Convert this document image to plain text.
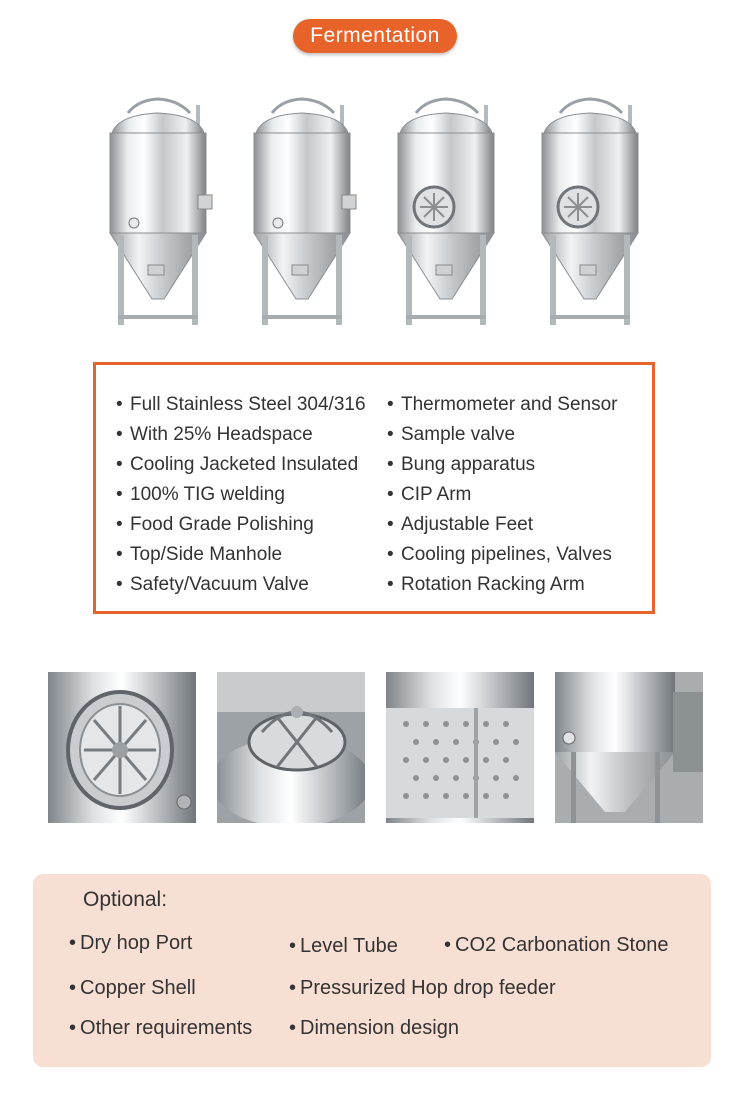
Fermentation
• Full Stainless Steel 304/316
• With 25% Headspace
• Cooling Jacketed Insulated
• 100% TIG welding
• Food Grade Polishing
• Top/Side Manhole
• Safety/Vacuum Valve
• Thermometer and Sensor
• Sample valve
• Bung apparatus
• CIP Arm
• Adjustable Feet
• Cooling pipelines, Valves
• Rotation Racking Arm
Optional:
• Dry hop Port	• Level Tube	• CO2 Carbonation Stone
• Copper Shell	• Pressurized Hop drop feeder
• Other requirements	• Dimension design
